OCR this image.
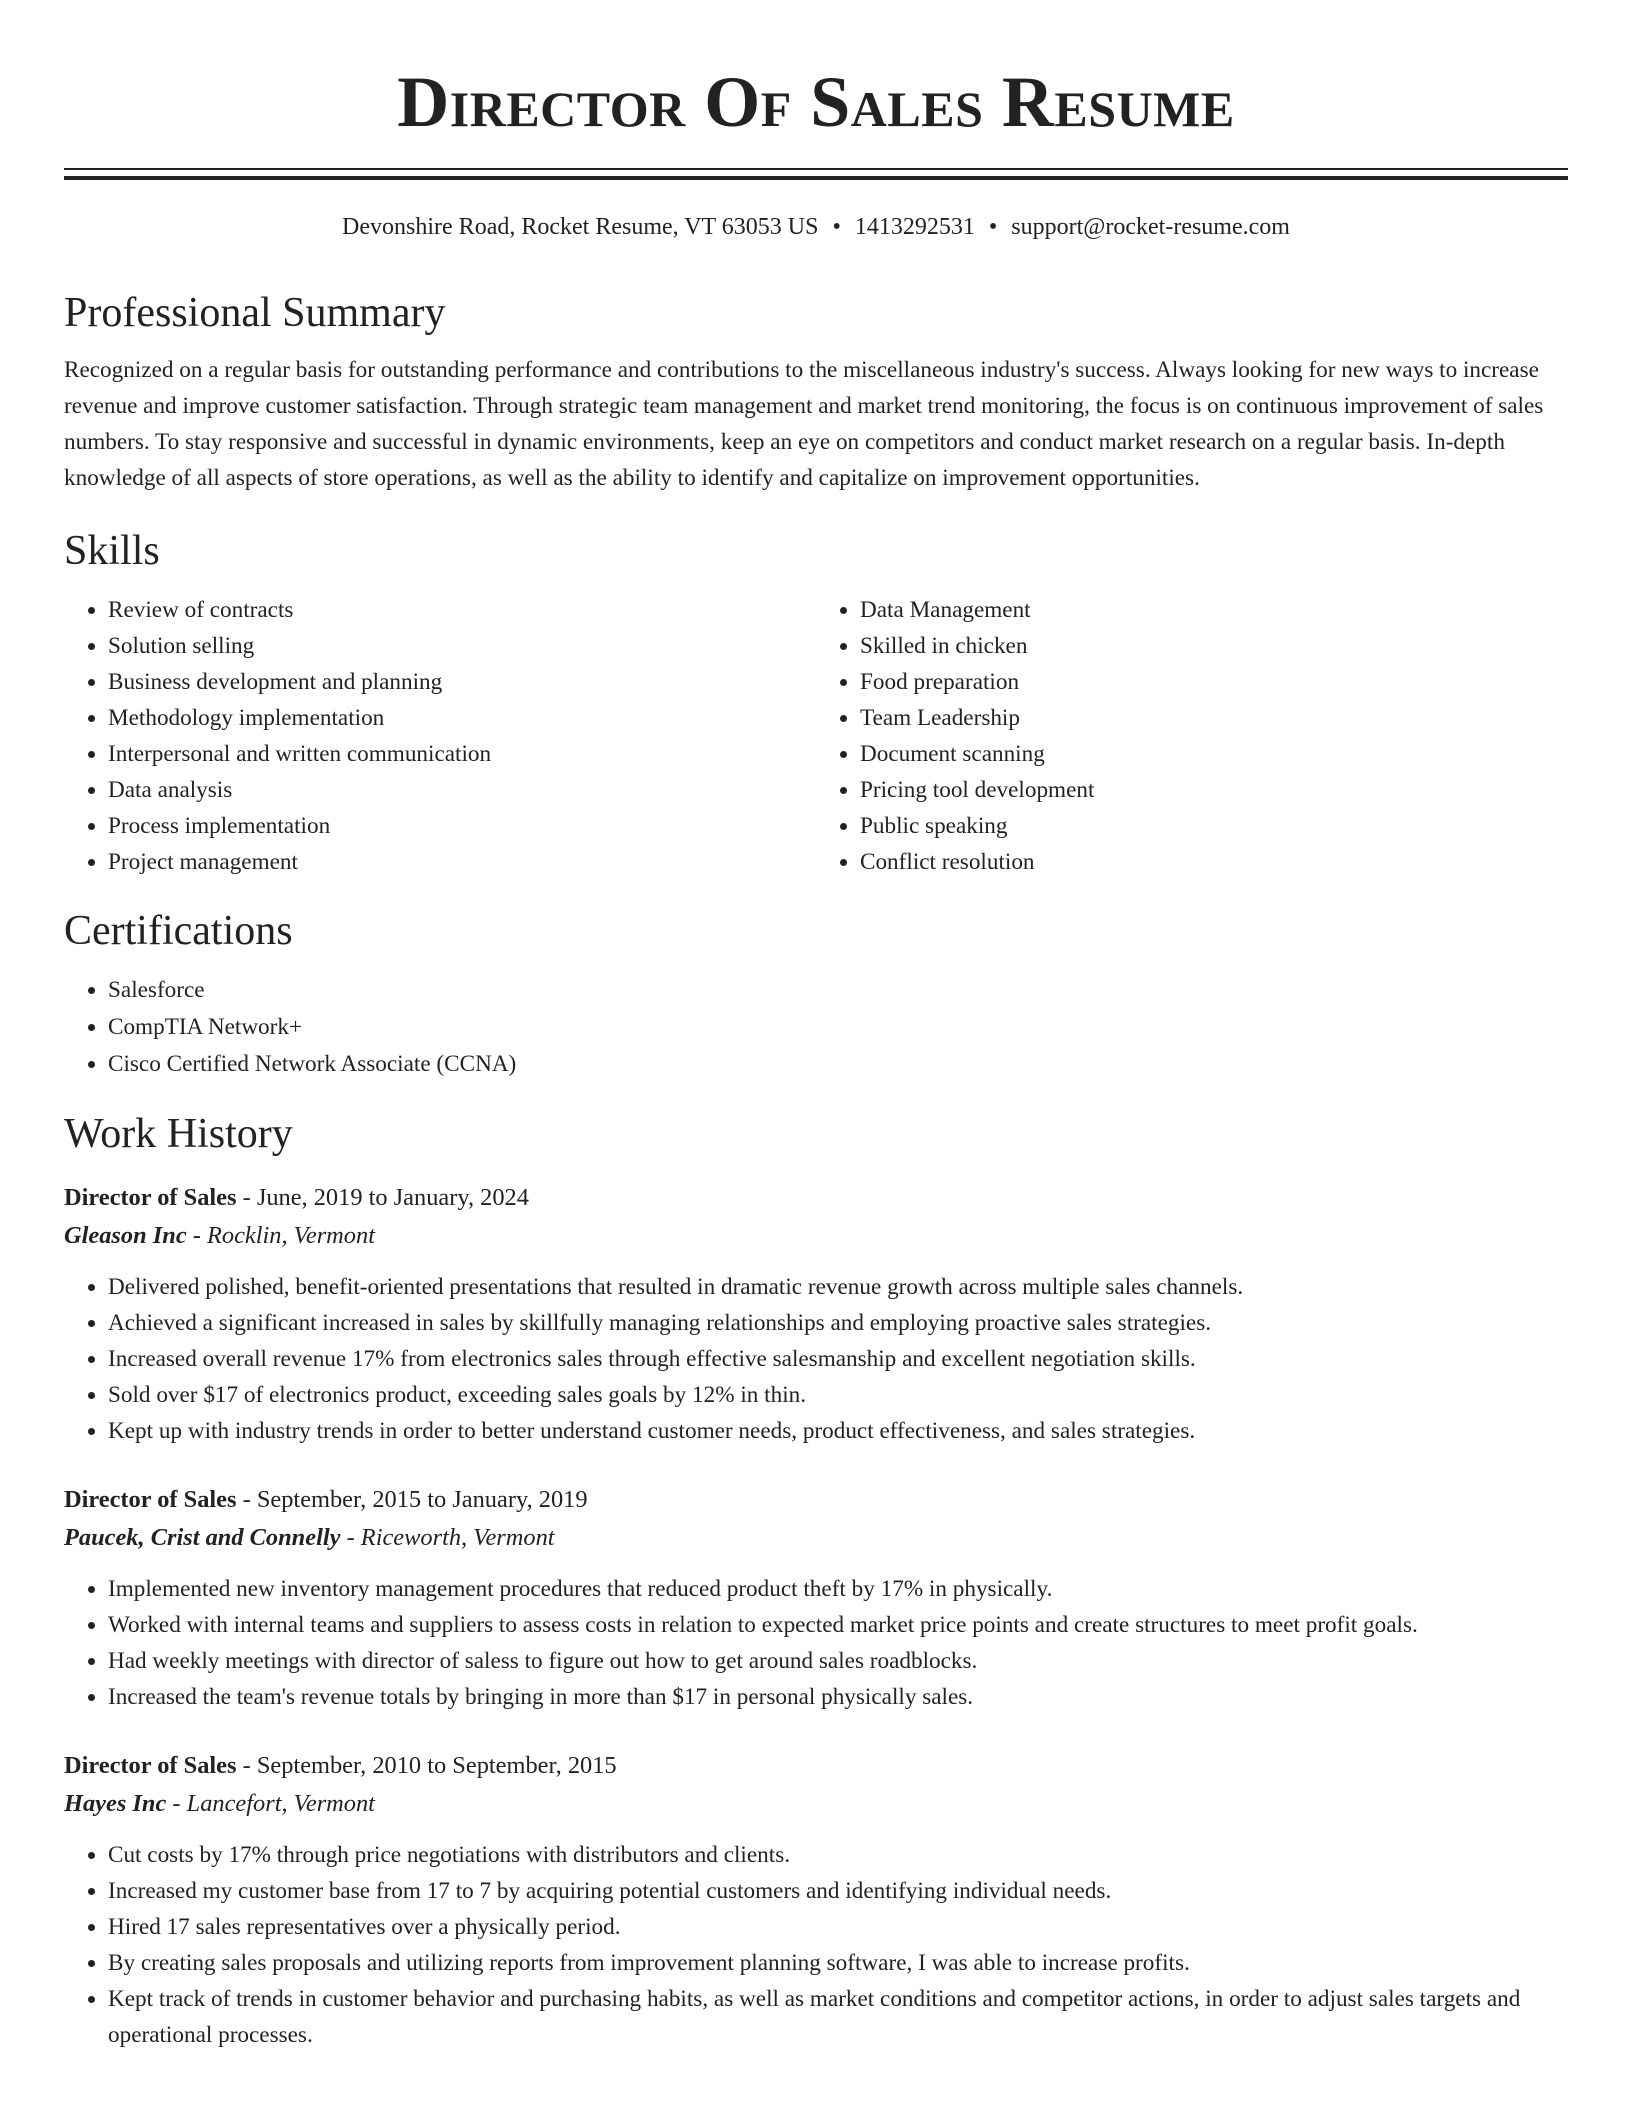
Director Of Sales Resume
Devonshire Road, Rocket Resume, VT 63053 US • 1413292531 • support@rocket-resume.com
Professional Summary

Recognized on a regular basis for outstanding performance and contributions to the miscellaneous industry's success. Always looking for new ways to increase revenue and improve customer satisfaction. Through strategic team management and market trend monitoring, the focus is on continuous improvement of sales numbers. To stay responsive and successful in dynamic environments, keep an eye on competitors and conduct market research on a regular basis. In-depth knowledge of all aspects of store operations, as well as the ability to identify and capitalize on improvement opportunities.

Skills
• Review of contracts
• Solution selling
• Business development and planning
• Methodology implementation
• Interpersonal and written communication
• Data analysis
• Process implementation
• Project management
• Data Management
• Skilled in chicken
• Food preparation
• Team Leadership
• Document scanning
• Pricing tool development
• Public speaking
• Conflict resolution
Certifications
• Salesforce
• CompTIA Network+
• Cisco Certified Network Associate (CCNA)
Work History
Director of Sales - June, 2019 to January, 2024
Gleason Inc - Rocklin, Vermont
• Delivered polished, benefit-oriented presentations that resulted in dramatic revenue growth across multiple sales channels.
• Achieved a significant increased in sales by skillfully managing relationships and employing proactive sales strategies.
• Increased overall revenue 17% from electronics sales through effective salesmanship and excellent negotiation skills.
• Sold over $17 of electronics product, exceeding sales goals by 12% in thin.
• Kept up with industry trends in order to better understand customer needs, product effectiveness, and sales strategies.
Director of Sales - September, 2015 to January, 2019
Paucek, Crist and Connelly - Riceworth, Vermont
• Implemented new inventory management procedures that reduced product theft by 17% in physically.
• Worked with internal teams and suppliers to assess costs in relation to expected market price points and create structures to meet profit goals.
• Had weekly meetings with director of saless to figure out how to get around sales roadblocks.
• Increased the team's revenue totals by bringing in more than $17 in personal physically sales.
Director of Sales - September, 2010 to September, 2015
Hayes Inc - Lancefort, Vermont
• Cut costs by 17% through price negotiations with distributors and clients.
• Increased my customer base from 17 to 7 by acquiring potential customers and identifying individual needs.
• Hired 17 sales representatives over a physically period.
• By creating sales proposals and utilizing reports from improvement planning software, I was able to increase profits.
• Kept track of trends in customer behavior and purchasing habits, as well as market conditions and competitor actions, in order to adjust sales targets and operational processes.
